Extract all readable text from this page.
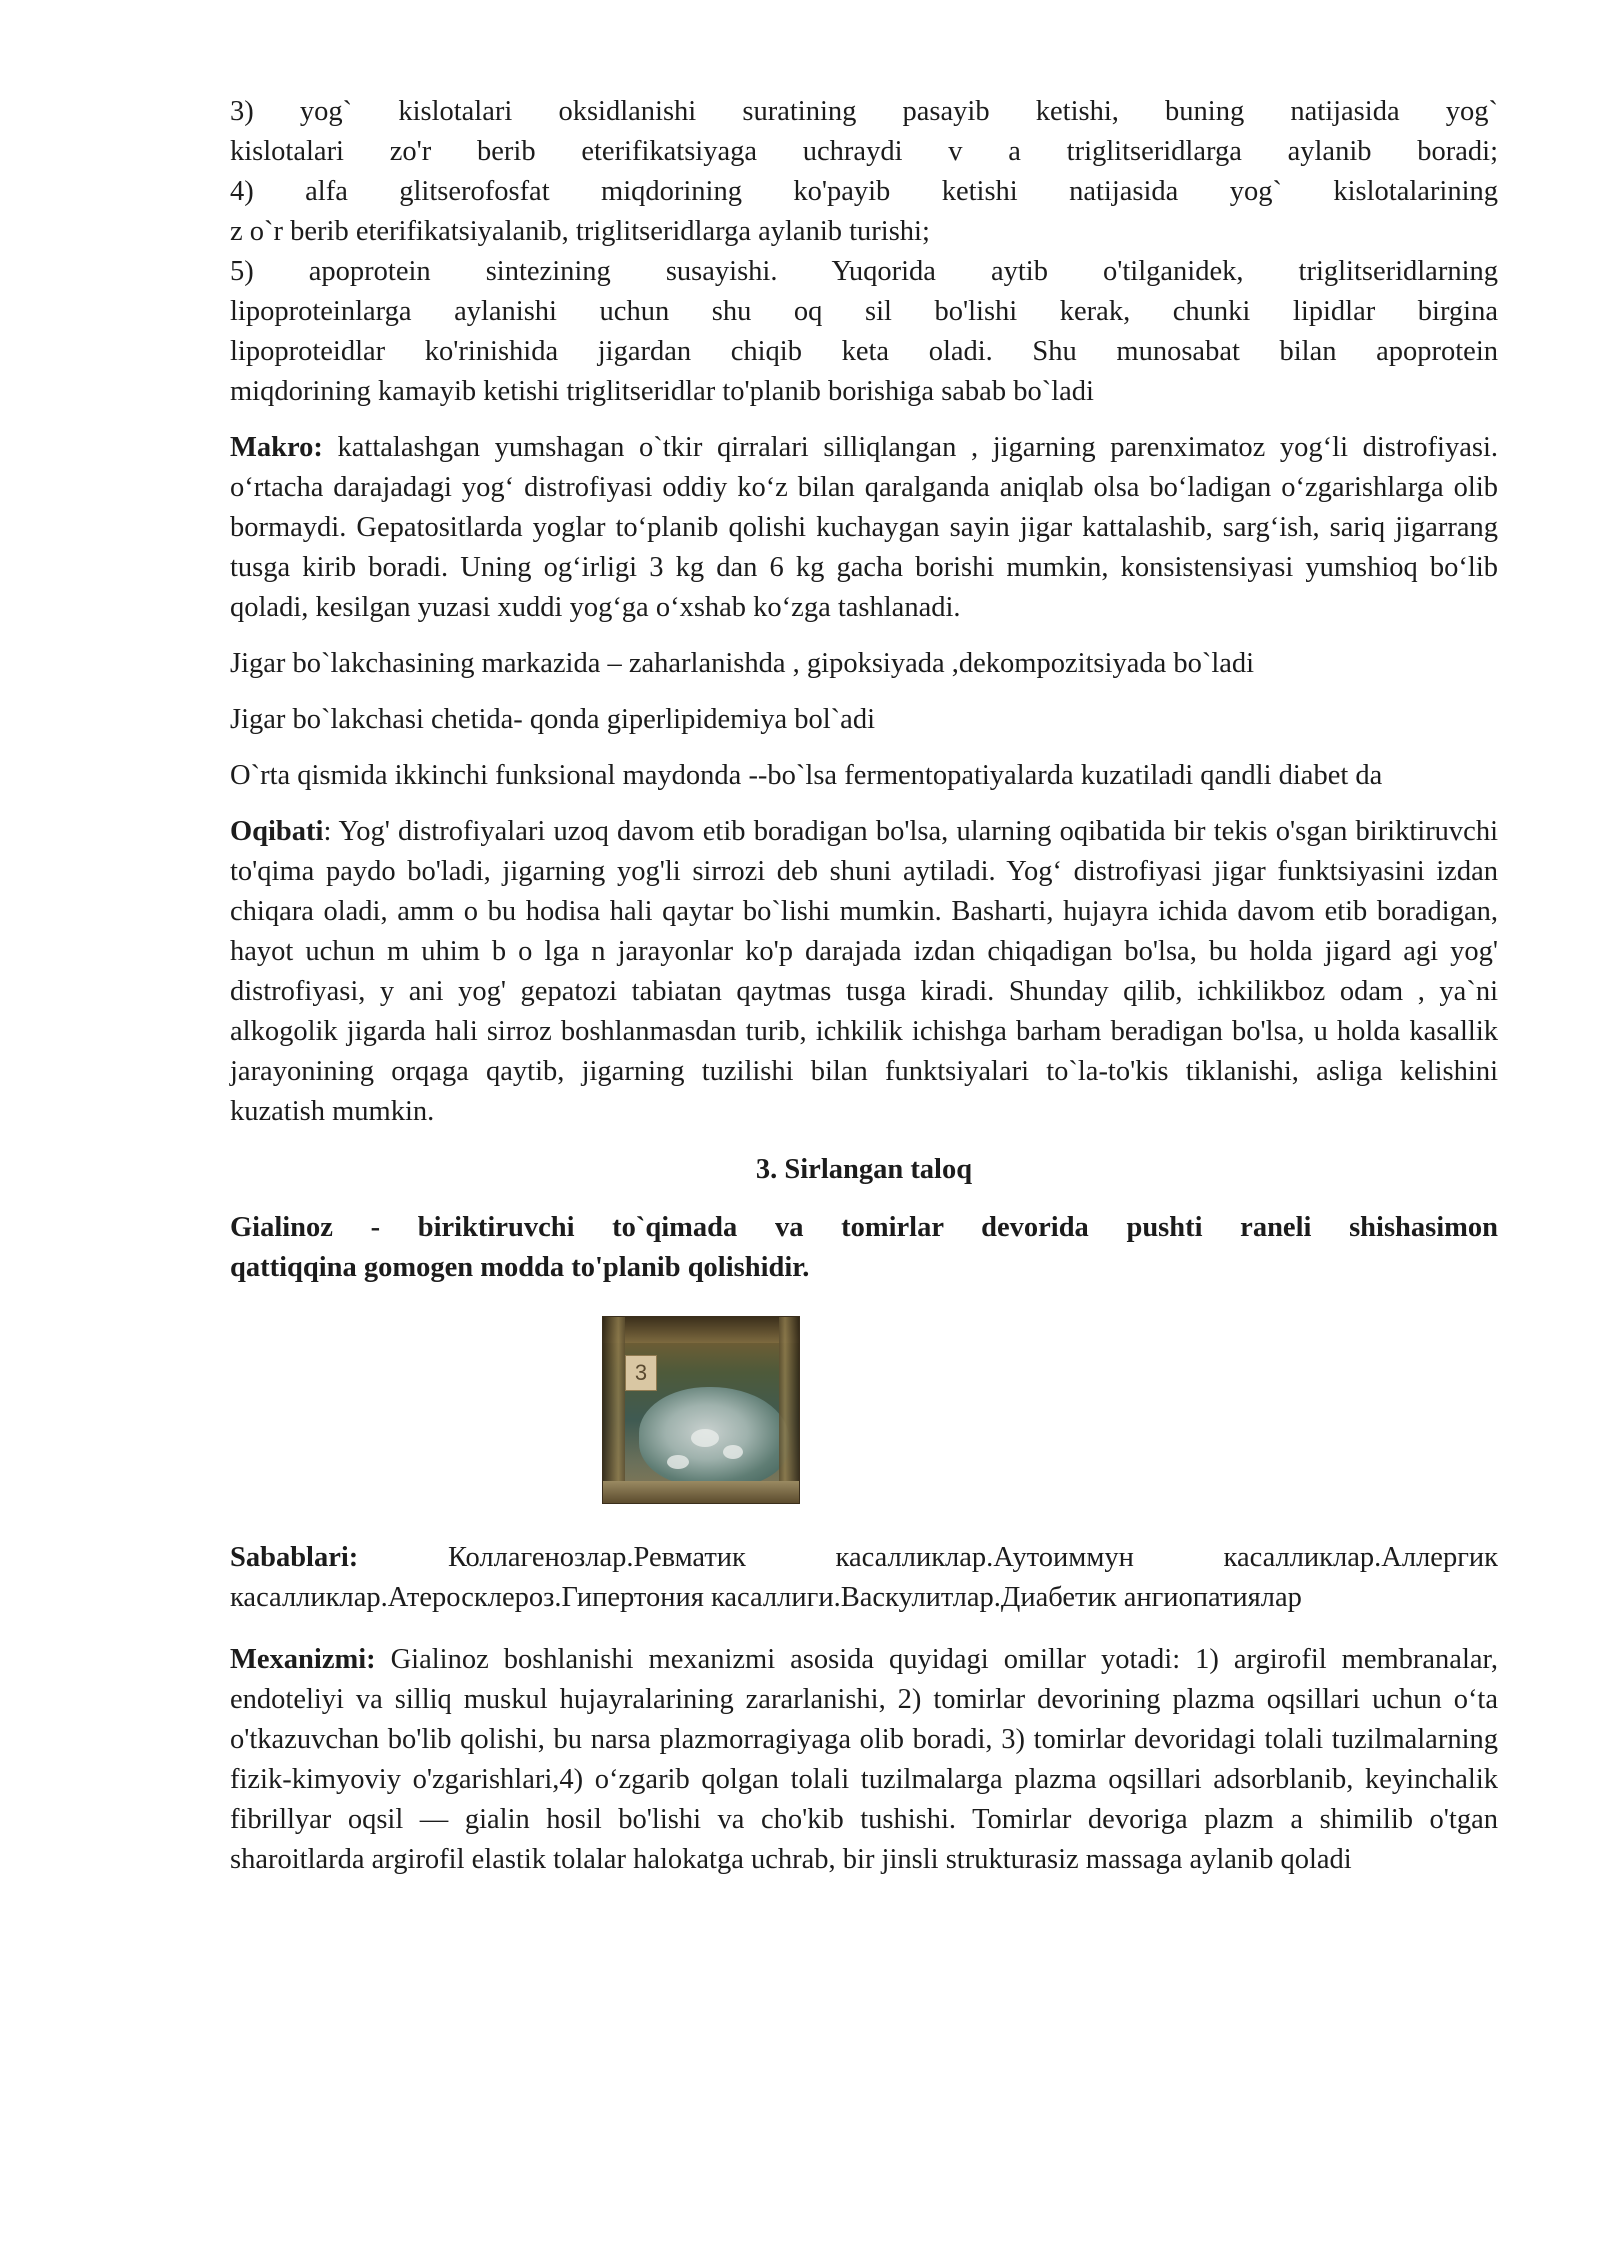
3) yog` kislotalari oksidlanishi suratining pasayib ketishi, buning natijasida yog`

kislotalari zo'r berib eterifikatsiyaga uchraydi v a triglitseridlarga aylanib boradi;

4) alfa glitserofosfat miqdorining ko'payib ketishi natijasida yog` kislotalarining

z o`r berib eterifikatsiyalanib, triglitseridlarga aylanib turishi;

5) apoprotein sintezining susayishi. Yuqorida aytib o'tilganidek, triglitseridlarning

lipoproteinlarga aylanishi uchun shu oq sil bo'lishi kerak, chunki lipidlar birgina

lipoproteidlar ko'rinishida jigardan chiqib keta oladi. Shu munosabat bilan apoprotein

miqdorining kamayib ketishi triglitseridlar to'planib borishiga sabab bo`ladi

Makro: kattalashgan yumshagan o`tkir qirralari silliqlangan , jigarning parenximatoz yogʻli distrofiyasi. oʻrtacha darajadagi yogʻ distrofiyasi oddiy koʻz bilan qaralganda aniqlab olsa boʻladigan oʻzgarishlarga olib bormaydi. Gepatositlarda yoglar toʻplanib qolishi kuchaygan sayin jigar kattalashib, sargʻish, sariq jigarrang tusga kirib boradi. Uning ogʻirligi 3 kg dan 6 kg gacha borishi mumkin, konsistensiyasi yumshioq boʻlib qoladi, kesilgan yuzasi xuddi yogʻga oʻxshab koʻzga tashlanadi.

Jigar bo`lakchasining markazida – zaharlanishda , gipoksiyada ,dekompozitsiyada bo`ladi

Jigar bo`lakchasi chetida- qonda giperlipidemiya bol`adi

O`rta qismida ikkinchi funksional maydonda --bo`lsa fermentopatiyalarda kuzatiladi qandli diabet da

Oqibati: Yog' distrofiyalari uzoq davom etib boradigan bo'lsa, ularning oqibatida bir tekis o'sgan biriktiruvchi to'qima paydo bo'ladi, jigarning yog'li sirrozi deb shuni aytiladi. Yog‘ distrofiyasi jigar funktsiyasini izdan chiqara oladi, amm o bu hodisa hali qaytar bo`lishi mumkin. Basharti, hujayra ichida davom etib boradigan, hayot uchun m uhim b o lga n jarayonlar ko'p darajada izdan chiqadigan bo'lsa, bu holda jigard agi yog' distrofiyasi, y ani yog' gepatozi tabiatan qaytmas tusga kiradi. Shunday qilib, ichkilikboz odam , ya`ni alkogolik jigarda hali sirroz boshlanmasdan turib, ichkilik ichishga barham beradigan bo'lsa, u holda kasallik jarayonining orqaga qaytib, jigarning tuzilishi bilan funktsiyalari to`la-to'kis tiklanishi, asliga kelishini kuzatish mumkin.

3. Sirlangan taloq

Gialinoz - biriktiruvchi to`qimada va tomirlar devorida pushti raneli shishasimon

qattiqqina gomogen modda to'planib qolishidir.

3

Sabablari: Коллагенозлар.Ревматик касалликлар.Аутоиммун касалликлар.Аллергик касалликлар.Атеросклероз.Гипертония касаллиги.Васкулитлар.Диабетик ангиопатиялар

Mexanizmi: Gialinoz boshlanishi mexanizmi asosida quyidagi omillar yotadi: 1) argirofil membranalar, endoteliyi va silliq muskul hujayralarining zararlanishi, 2) tomirlar devorining plazma oqsillari uchun o‘ta o'tkazuvchan bo'lib qolishi, bu narsa plazmorragiyaga olib boradi, 3) tomirlar devoridagi tolali tuzilmalarning fizik-kimyoviy o'zgarishlari,4) o‘zgarib qolgan tolali tuzilmalarga plazma oqsillari adsorblanib, keyinchalik fibrillyar oqsil — gialin hosil bo'lishi va cho'kib tushishi. Tomirlar devoriga plazm a shimilib o'tgan sharoitlarda argirofil elastik tolalar halokatga uchrab, bir jinsli strukturasiz massaga aylanib qoladi
